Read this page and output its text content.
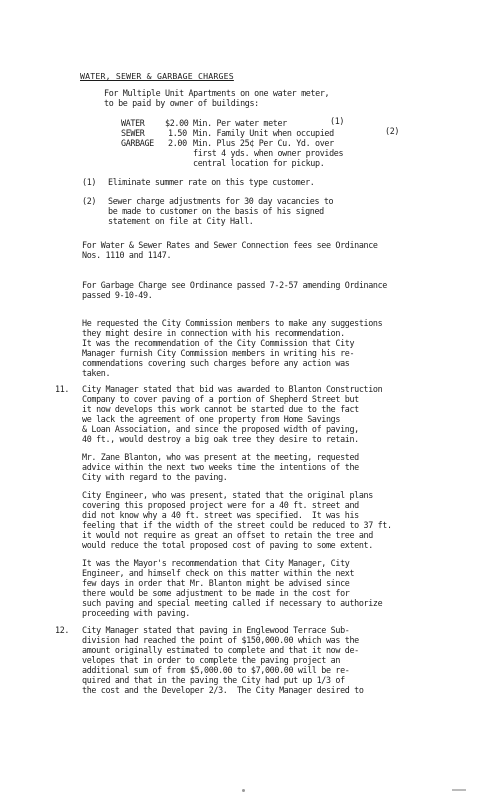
WATER, SEWER & GARBAGE CHARGES
For Multiple Unit Apartments on one water meter,
to be paid by owner of buildings:
WATER $2.00 Min. Per water meter	(1)
SEWER	1.50 Min. Family Unit when occupied	(2)
GARBAGE 2.00 Min. Plus 25¢ Per Cu. Yd. over
first 4 yds. when owner provides
central location for pickup.
(1) Eliminate summer rate on this type customer.
(2) Sewer charge adjustments for 30 day vacancies to
be made to customer on the basis of his signed
statement on file at City Hall.
For Water & Sewer Rates and Sewer Connection fees see Ordinance
Nos. 1110 and 1147.
For Garbage Charge see Ordinance passed 7-2-57 amending Ordinance
passed 9-10-49.
He requested the City Commission members to make any suggestions
they might desire in connection with his recommendation.
It was the recommendation of the City Commission that City
Manager furnish City Commission members in writing his re-
commendations covering such charges before any action was
taken.
11. City Manager stated that bid was awarded to Blanton Construction
Company to cover paving of a portion of Shepherd Street but
it now develops this work cannot be started due to the fact
we lack the agreement of one property from Home Savings
& Loan Association, and since the proposed width of paving,
40 ft., would destroy a big oak tree they desire to retain.
Mr. Zane Blanton, who was present at the meeting, requested
advice within the next two weeks time the intentions of the
City with regard to the paving.
City Engineer, who was present, stated that the original plans
covering this proposed project were for a 40 ft. street and
did not know why a 40 ft. street was specified.  It was his
feeling that if the width of the street could be reduced to 37 ft.
it would not require as great an offset to retain the tree and
would reduce the total proposed cost of paving to some extent.
It was the Mayor's recommendation that City Manager, City
Engineer, and himself check on this matter within the next
few days in order that Mr. Blanton might be advised since
there would be some adjustment to be made in the cost for
such paving and special meeting called if necessary to authorize
proceeding with paving.
12. City Manager stated that paving in Englewood Terrace Sub-
division had reached the point of $150,000.00 which was the
amount originally estimated to complete and that it now de-
velopes that in order to complete the paving project an
additional sum of from $5,000.00 to $7,000.00 will be re-
quired and that in the paving the City had put up 1/3 of
the cost and the Developer 2/3.  The City Manager desired to
